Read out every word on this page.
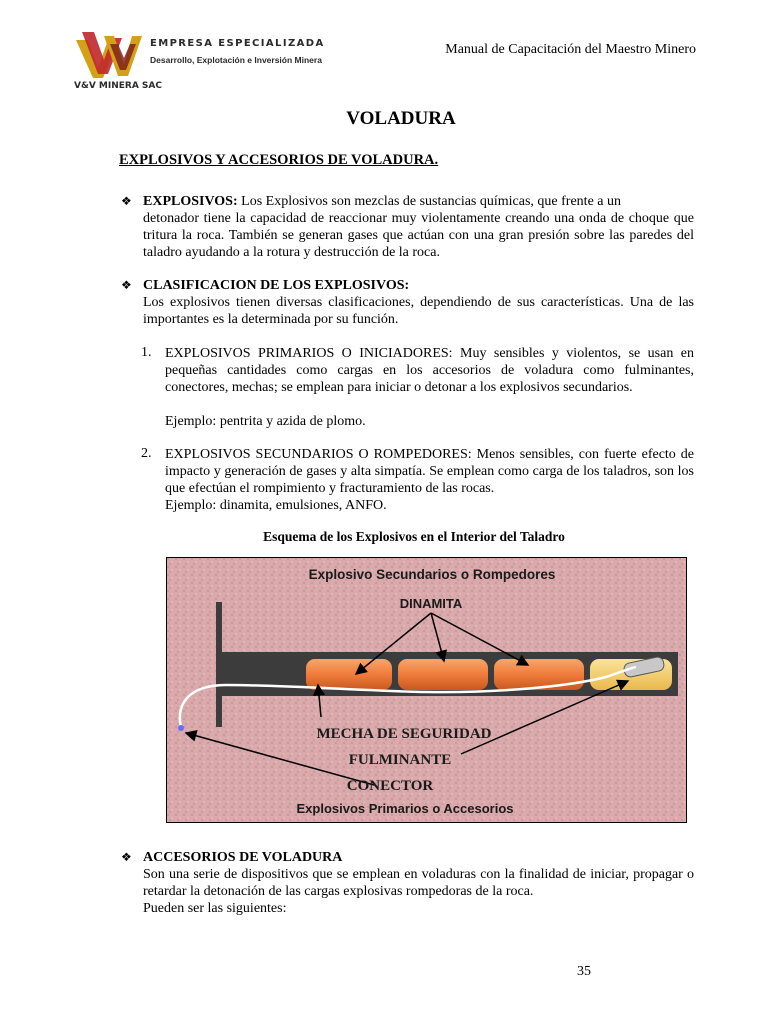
EMPRESA ESPECIALIZADA
Desarrollo, Explotación e Inversión Minera
V&V MINERA SAC
Manual de Capacitación del Maestro Minero
VOLADURA
EXPLOSIVOS Y ACCESORIOS DE VOLADURA.
❖ EXPLOSIVOS: Los Explosivos son mezclas de sustancias químicas, que frente a un
detonador tiene la capacidad de reaccionar muy violentamente creando una onda de choque que tritura la roca. También se generan gases que actúan con una gran presión sobre las paredes del taladro ayudando a la rotura y destrucción de la roca.
❖ CLASIFICACION DE LOS EXPLOSIVOS:
Los explosivos tienen diversas clasificaciones, dependiendo de sus características. Una de las importantes es la determinada por su función.
1. EXPLOSIVOS PRIMARIOS O INICIADORES: Muy sensibles y violentos, se usan en pequeñas cantidades como cargas en los accesorios de voladura como fulminantes, conectores, mechas; se emplean para iniciar o detonar a los explosivos secundarios.
Ejemplo: pentrita y azida de plomo.
2. EXPLOSIVOS SECUNDARIOS O ROMPEDORES: Menos sensibles, con fuerte efecto de impacto y generación de gases y alta simpatía. Se emplean como carga de los taladros, son los que efectúan el rompimiento y fracturamiento de las rocas.
Ejemplo: dinamita, emulsiones, ANFO.
Esquema de los Explosivos en el Interior del Taladro
Explosivo Secundarios o Rompedores
DINAMITA
MECHA DE SEGURIDAD
FULMINANTE
CONECTOR
Explosivos Primarios o Accesorios
❖ ACCESORIOS DE VOLADURA
Son una serie de dispositivos que se emplean en voladuras con la finalidad de iniciar, propagar o retardar la detonación de las cargas explosivas rompedoras de la roca.
Pueden ser las siguientes:
35
